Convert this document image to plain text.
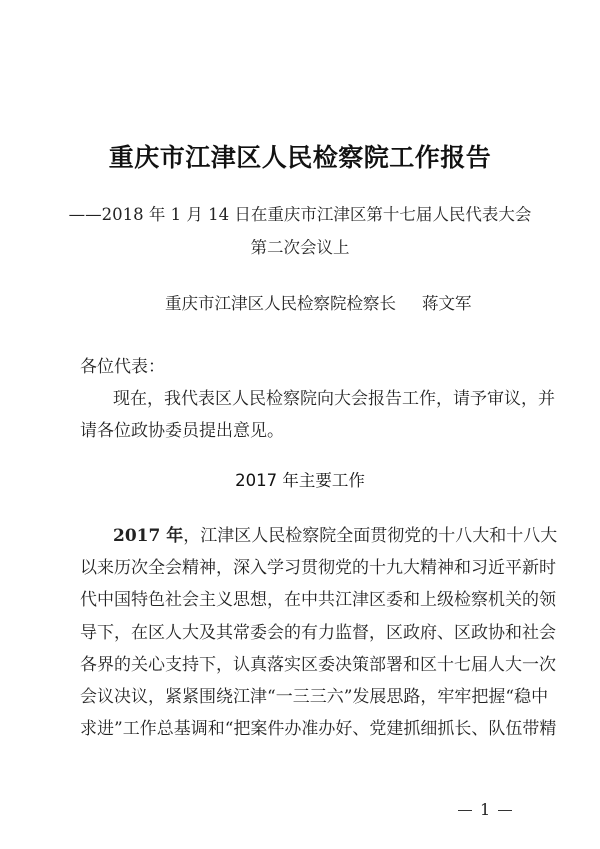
重庆市江津区人民检察院工作报告
——2018 年 1 月 14 日在重庆市江津区第十七届人民代表大会
第二次会议上
重庆市江津区人民检察院检察长 蒋文军
各位代表：
现在，我代表区人民检察院向大会报告工作，请予审议，并
请各位政协委员提出意见。
2017 年主要工作
2017 年，江津区人民检察院全面贯彻党的十八大和十八大
以来历次全会精神，深入学习贯彻党的十九大精神和习近平新时
代中国特色社会主义思想，在中共江津区委和上级检察机关的领
导下，在区人大及其常委会的有力监督，区政府、区政协和社会
各界的关心支持下，认真落实区委决策部署和区十七届人大一次
会议决议，紧紧围绕江津“一三三六”发展思路，牢牢把握“稳中
求进”工作总基调和“把案件办准办好、党建抓细抓长、队伍带精
1
